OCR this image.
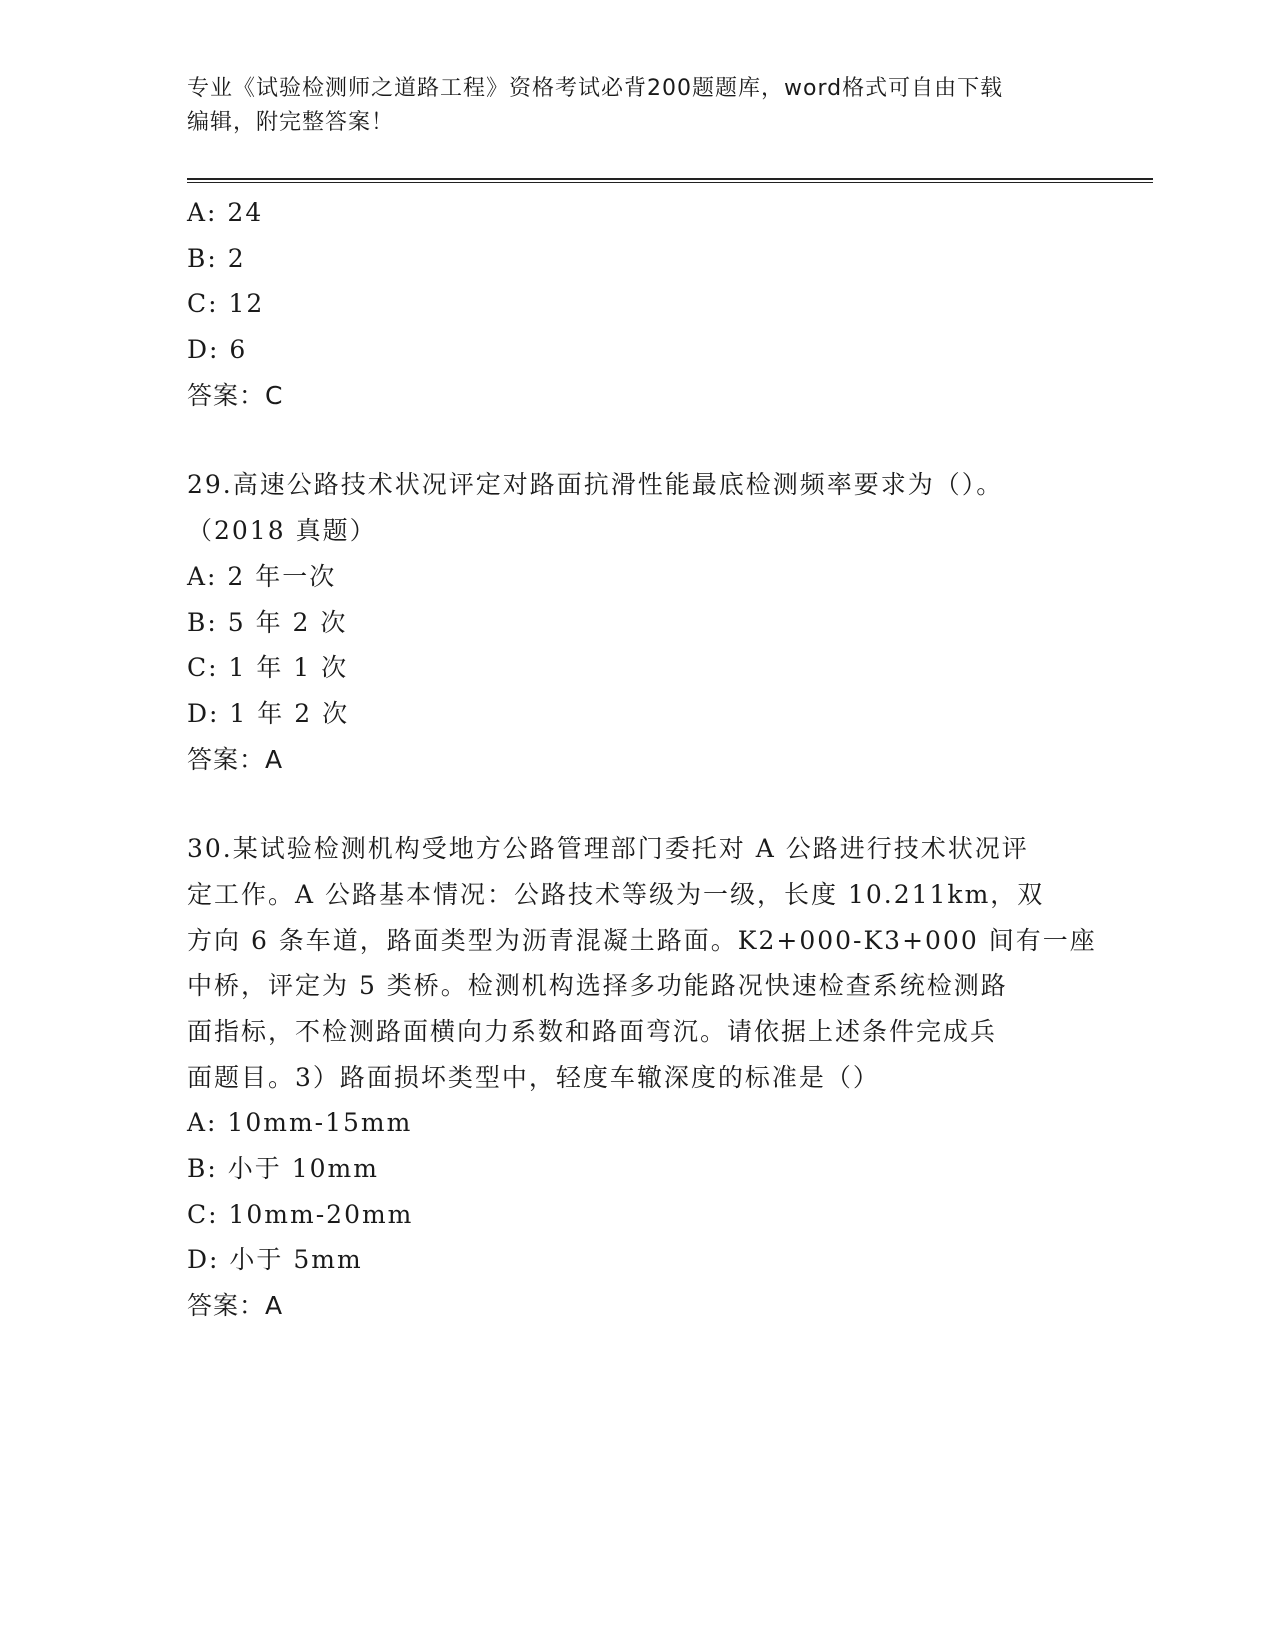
专业《试验检测师之道路工程》资格考试必背200题题库，word格式可自由下载
编辑，附完整答案！
A: 24
B: 2
C: 12
D: 6
答案：C
29.高速公路技术状况评定对路面抗滑性能最底检测频率要求为（）。
（2018 真题）
A: 2 年一次
B: 5 年 2 次
C: 1 年 1 次
D: 1 年 2 次
答案：A
30.某试验检测机构受地方公路管理部门委托对 A 公路进行技术状况评
定工作。A 公路基本情况：公路技术等级为一级，长度 10.211km，双
方向 6 条车道，路面类型为沥青混凝土路面。K2+000-K3+000 间有一座
中桥，评定为 5 类桥。检测机构选择多功能路况快速检查系统检测路
面指标，不检测路面横向力系数和路面弯沉。请依据上述条件完成兵
面题目。3）路面损坏类型中，轻度车辙深度的标准是（）
A: 10mm-15mm
B: 小于 10mm
C: 10mm-20mm
D: 小于 5mm
答案：A
